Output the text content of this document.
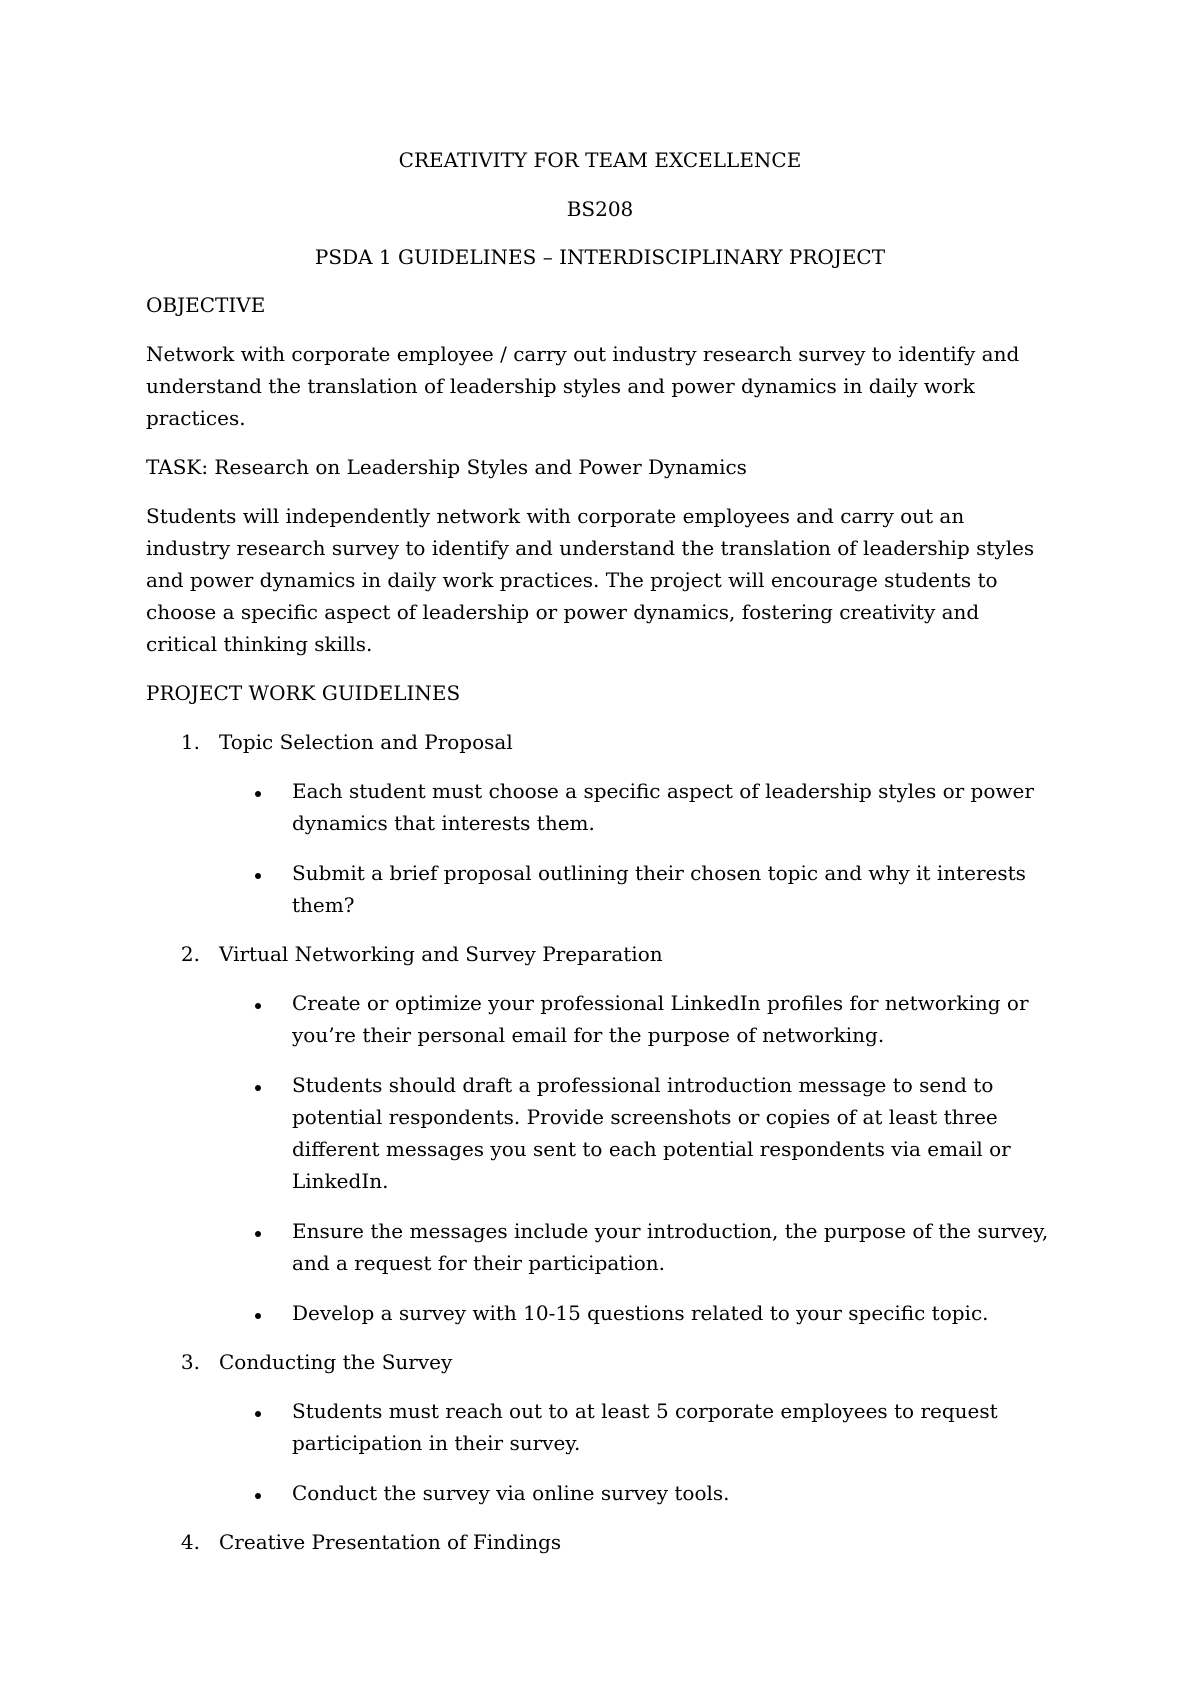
CREATIVITY FOR TEAM EXCELLENCE

BS208

PSDA 1 GUIDELINES – INTERDISCIPLINARY PROJECT

OBJECTIVE

Network with corporate employee / carry out industry research survey to identify and

understand the translation of leadership styles and power dynamics in daily work

practices.

TASK: Research on Leadership Styles and Power Dynamics

Students will independently network with corporate employees and carry out an

industry research survey to identify and understand the translation of leadership styles

and power dynamics in daily work practices. The project will encourage students to

choose a specific aspect of leadership or power dynamics, fostering creativity and

critical thinking skills.

PROJECT WORK GUIDELINES

1. Topic Selection and Proposal

Each student must choose a specific aspect of leadership styles or power

dynamics that interests them.

Submit a brief proposal outlining their chosen topic and why it interests

them?

2. Virtual Networking and Survey Preparation

Create or optimize your professional LinkedIn profiles for networking or

you’re their personal email for the purpose of networking.

Students should draft a professional introduction message to send to

potential respondents. Provide screenshots or copies of at least three

different messages you sent to each potential respondents via email or

LinkedIn.

Ensure the messages include your introduction, the purpose of the survey,

and a request for their participation.

Develop a survey with 10-15 questions related to your specific topic.

3. Conducting the Survey

Students must reach out to at least 5 corporate employees to request

participation in their survey.

Conduct the survey via online survey tools.

4. Creative Presentation of Findings
